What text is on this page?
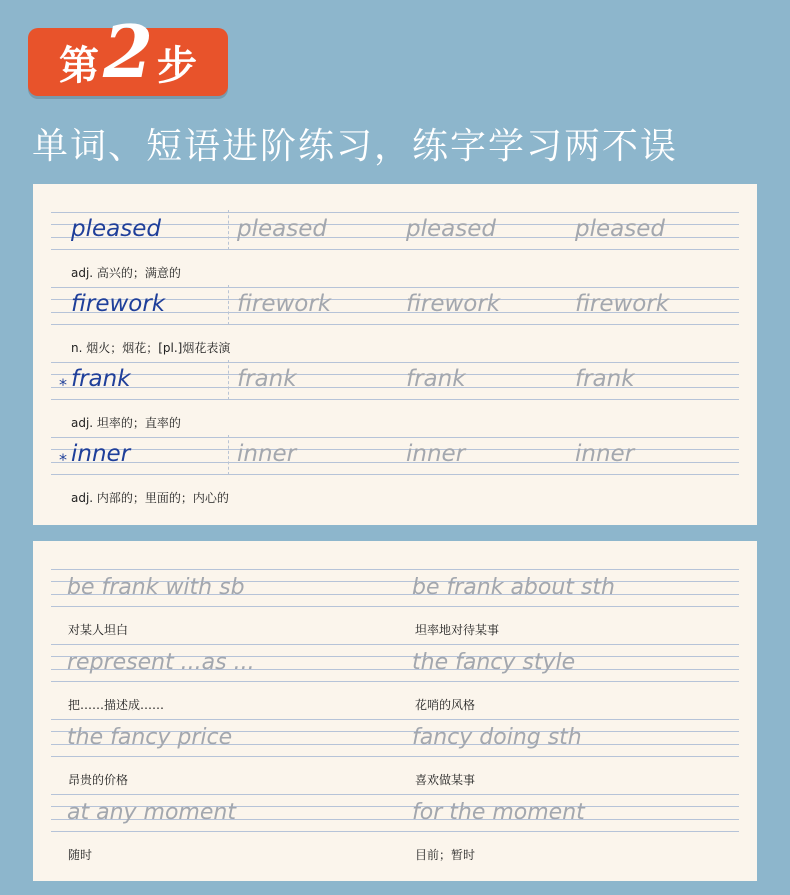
第 2 步
单词、短语进阶练习，练字学习两不误
pleased	pleased	pleased	pleased
adj. 高兴的；满意的
firework	firework	firework	firework
n. 烟火；烟花；[pl.]烟花表演
* frank	frank	frank	frank
adj. 坦率的；直率的
* inner	inner	inner	inner
adj. 内部的；里面的；内心的
be frank with sb	be frank about sth
对某人坦白	坦率地对待某事
represent ...as ...	the fancy style
把……描述成……	花哨的风格
the fancy price	fancy doing sth
昂贵的价格	喜欢做某事
at any moment	for the moment
随时	目前；暂时
